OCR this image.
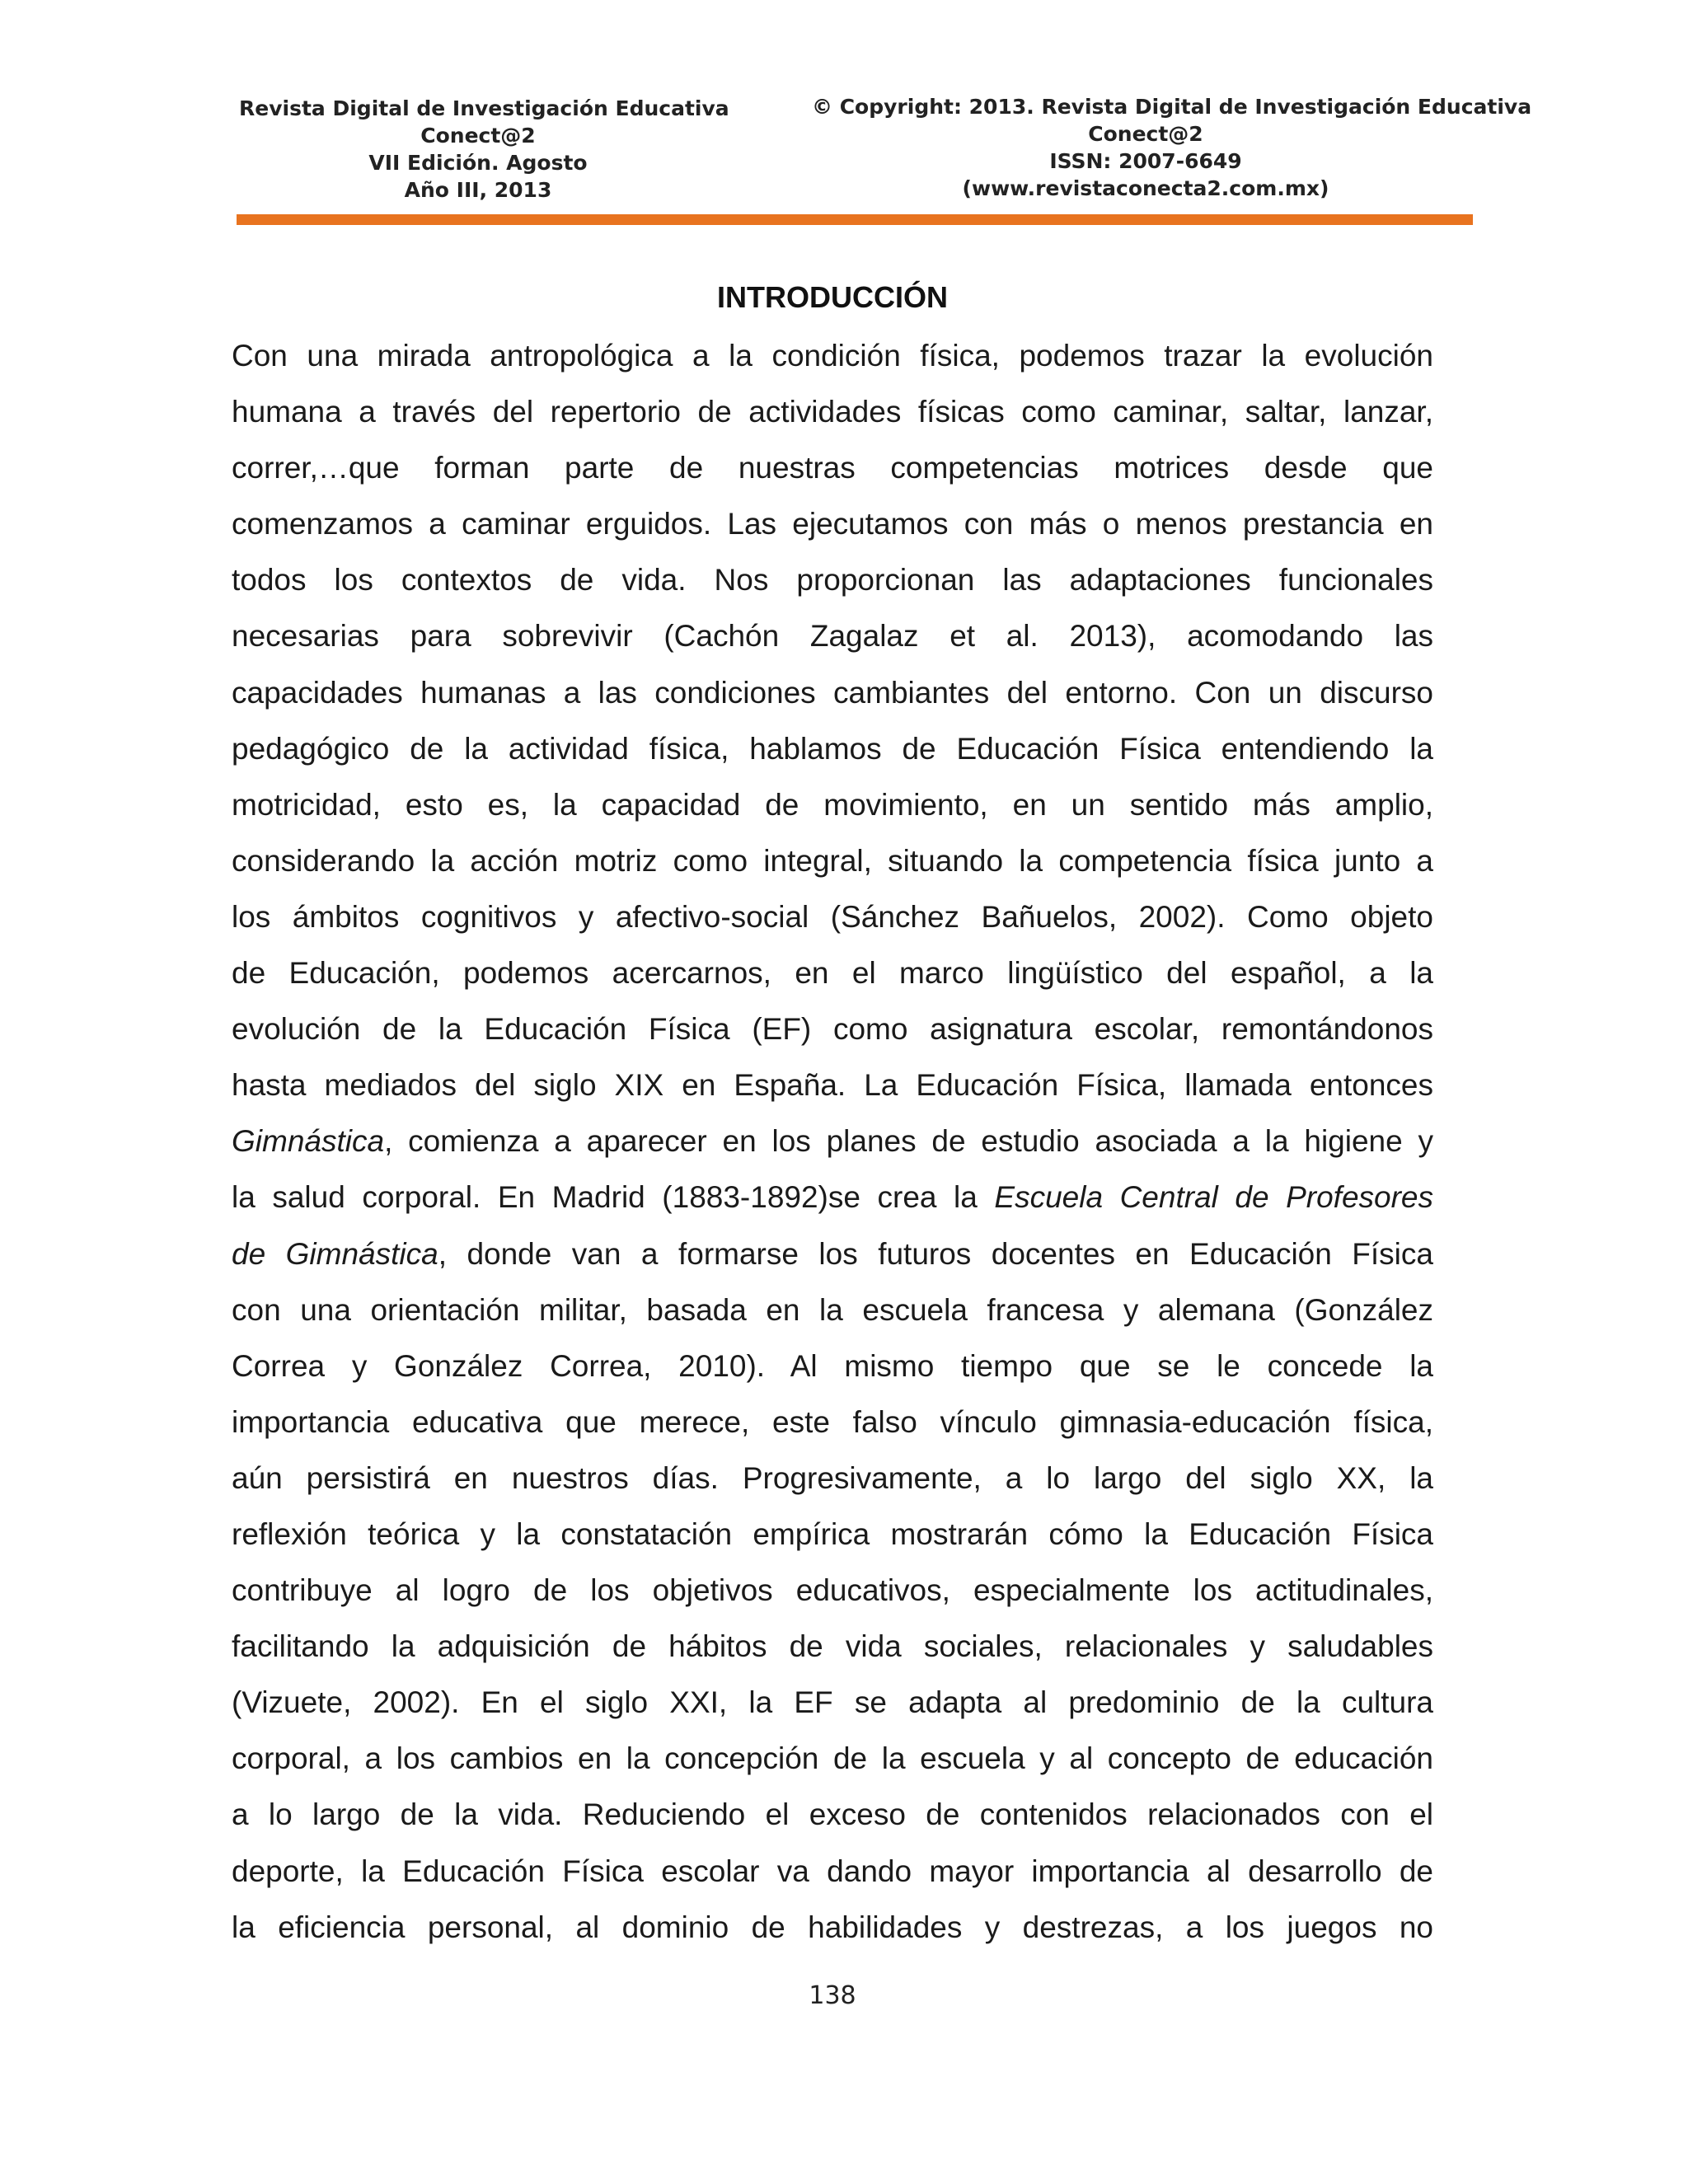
Revista Digital de Investigación Educativa
Conect@2
VII Edición. Agosto
Año III, 2013
© Copyright: 2013. Revista Digital de Investigación Educativa
Conect@2
ISSN: 2007-6649
(www.revistaconecta2.com.mx)
INTRODUCCIÓN
Con una mirada antropológica a la condición física, podemos trazar la evolución
humana a través del repertorio de actividades físicas como caminar, saltar, lanzar,
correr,…que forman parte de nuestras competencias motrices desde que
comenzamos a caminar erguidos. Las ejecutamos con más o menos prestancia en
todos los contextos de vida. Nos proporcionan las adaptaciones funcionales
necesarias para sobrevivir (Cachón Zagalaz et al. 2013), acomodando las
capacidades humanas a las condiciones cambiantes del entorno. Con un discurso
pedagógico de la actividad física, hablamos de Educación Física entendiendo la
motricidad, esto es, la capacidad de movimiento, en un sentido más amplio,
considerando la acción motriz como integral, situando la competencia física junto a
los ámbitos cognitivos y afectivo-social (Sánchez Bañuelos, 2002). Como objeto
de Educación, podemos acercarnos, en el marco lingüístico del español, a la
evolución de la Educación Física (EF) como asignatura escolar, remontándonos
hasta mediados del siglo XIX en España. La Educación Física, llamada entonces
Gimnástica, comienza a aparecer en los planes de estudio asociada a la higiene y
la salud corporal. En Madrid (1883-1892)se crea la Escuela Central de Profesores
de Gimnástica, donde van a formarse los futuros docentes en Educación Física
con una orientación militar, basada en la escuela francesa y alemana (González
Correa y González Correa, 2010). Al mismo tiempo que se le concede la
importancia educativa que merece, este falso vínculo gimnasia-educación física,
aún persistirá en nuestros días. Progresivamente, a lo largo del siglo XX, la
reflexión teórica y la constatación empírica mostrarán cómo la Educación Física
contribuye al logro de los objetivos educativos, especialmente los actitudinales,
facilitando la adquisición de hábitos de vida sociales, relacionales y saludables
(Vizuete, 2002). En el siglo XXI, la EF se adapta al predominio de la cultura
corporal, a los cambios en la concepción de la escuela y al concepto de educación
a lo largo de la vida. Reduciendo el exceso de contenidos relacionados con el
deporte, la Educación Física escolar va dando mayor importancia al desarrollo de
la eficiencia personal, al dominio de habilidades y destrezas, a los juegos no
138
